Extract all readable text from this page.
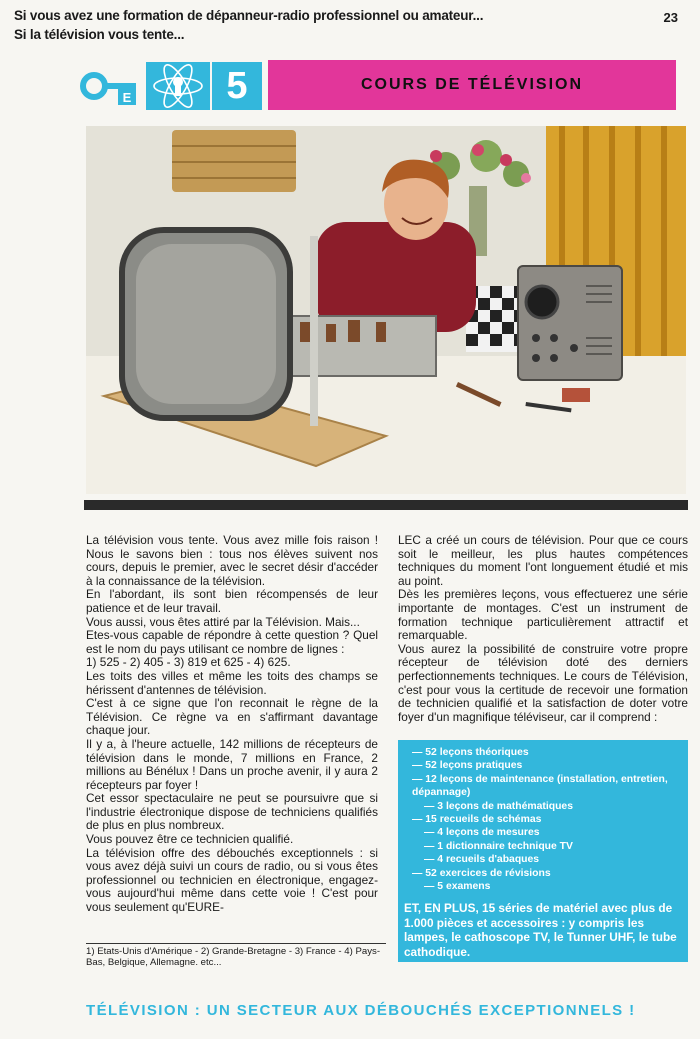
Si vous avez une formation de dépanneur-radio professionnel ou amateur...
Si la télévision vous tente...
23
E	5	COURS DE TÉLÉVISION

La télévision vous tente. Vous avez mille fois raison ! Nous le savons bien : tous nos élèves suivent nos cours, depuis le premier, avec le secret désir d'accéder à la connaissance de la télévision.

En l'abordant, ils sont bien récompensés de leur patience et de leur travail.

Vous aussi, vous êtes attiré par la Télévision. Mais...

Etes-vous capable de répondre à cette question ? Quel est le nom du pays utilisant ce nombre de lignes :

1) 525 - 2) 405 - 3) 819 et 625 - 4) 625.

Les toits des villes et même les toits des champs se hérissent d'antennes de télévision.

C'est à ce signe que l'on reconnait le règne de la Télévision. Ce règne va en s'affirmant davantage chaque jour.

Il y a, à l'heure actuelle, 142 millions de récepteurs de télévision dans le monde, 7 millions en France, 2 millions au Bénélux ! Dans un proche avenir, il y aura 2 récepteurs par foyer !

Cet essor spectaculaire ne peut se poursuivre que si l'industrie électronique dispose de techniciens qualifiés de plus en plus nombreux.

Vous pouvez être ce technicien qualifié.

La télévision offre des débouchés exceptionnels : si vous avez déjà suivi un cours de radio, ou si vous êtes professionnel ou technicien en électronique, engagez-vous aujourd'hui même dans cette voie ! C'est pour vous seulement qu'EURE-

1) Etats-Unis d'Amérique - 2) Grande-Bretagne - 3) France - 4) Pays-Bas, Belgique, Allemagne. etc...

LEC a créé un cours de télévision. Pour que ce cours soit le meilleur, les plus hautes compétences techniques du moment l'ont longuement étudié et mis au point.

Dès les premières leçons, vous effectuerez une série importante de montages. C'est un instrument de formation technique particulièrement attractif et remarquable.

Vous aurez la possibilité de construire votre propre récepteur de télévision doté des derniers perfectionnements techniques. Le cours de Télévision, c'est pour vous la certitude de recevoir une formation de technicien qualifié et la satisfaction de doter votre foyer d'un magnifique téléviseur, car il comprend :

— 52 leçons théoriques
— 52 leçons pratiques
— 12 leçons de maintenance (installation, entretien, dépannage)
— 3 leçons de mathématiques
— 15 recueils de schémas
— 4 leçons de mesures
— 1 dictionnaire technique TV
— 4 recueils d'abaques
— 52 exercices de révisions
— 5 examens
ET, EN PLUS, 15 séries de matériel avec plus de 1.000 pièces et accessoires : y compris les lampes, le cathoscope TV, le Tunner UHF, le tube cathodique.
TÉLÉVISION : UN SECTEUR AUX DÉBOUCHÉS EXCEPTIONNELS !
